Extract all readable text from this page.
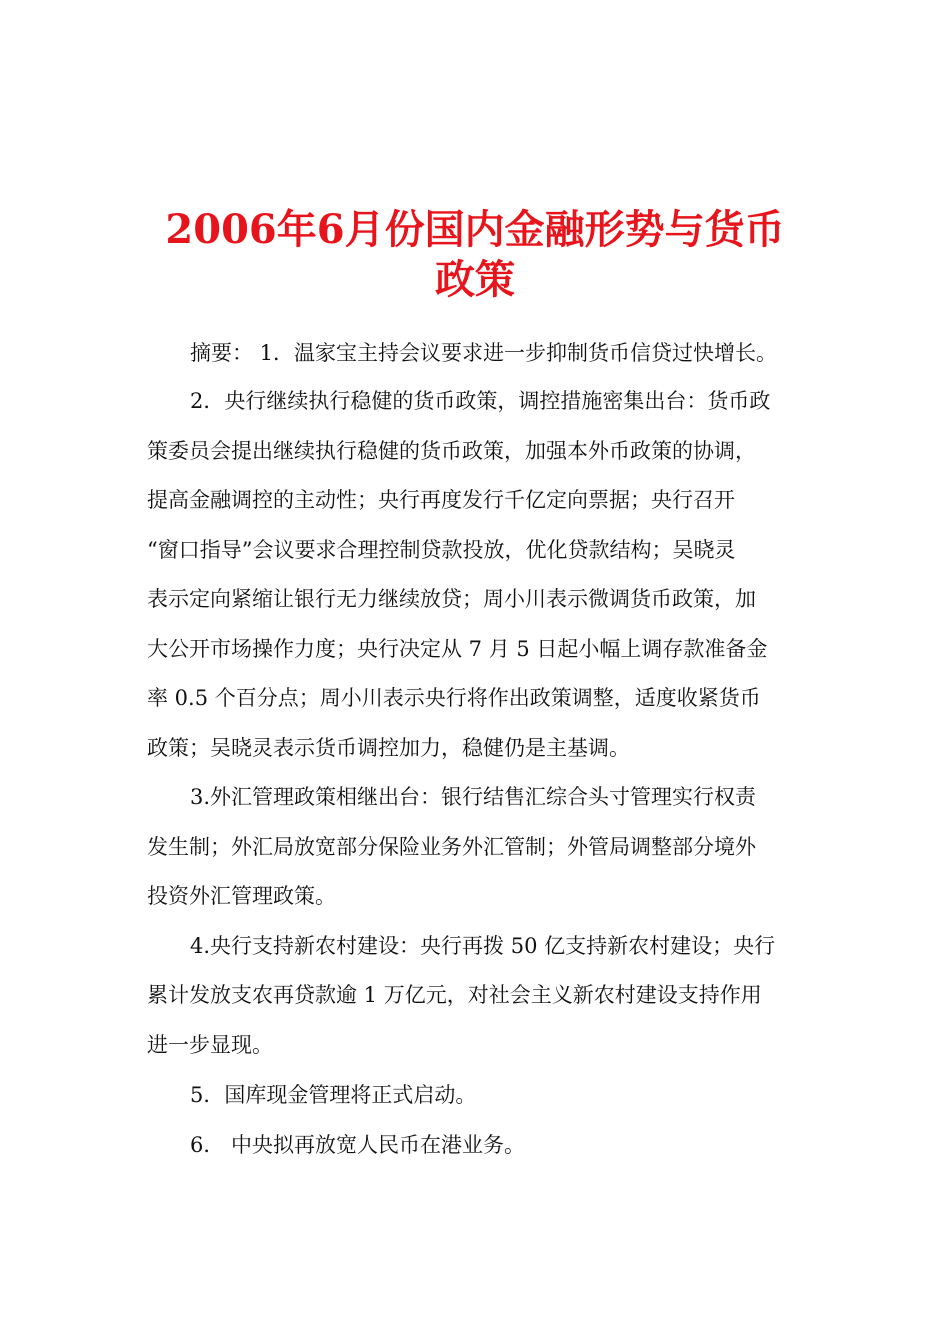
2006年6月份国内金融形势与货币
政策

摘要： 1．温家宝主持会议要求进一步抑制货币信贷过快增长。

2．央行继续执行稳健的货币政策，调控措施密集出台：货币政

策委员会提出继续执行稳健的货币政策，加强本外币政策的协调，

提高金融调控的主动性；央行再度发行千亿定向票据；央行召开

“窗口指导”会议要求合理控制贷款投放，优化贷款结构；吴晓灵

表示定向紧缩让银行无力继续放贷；周小川表示微调货币政策，加

大公开市场操作力度；央行决定从 7 月 5 日起小幅上调存款准备金

率 0.5 个百分点；周小川表示央行将作出政策调整，适度收紧货币

政策；吴晓灵表示货币调控加力，稳健仍是主基调。

3.外汇管理政策相继出台：银行结售汇综合头寸管理实行权责

发生制；外汇局放宽部分保险业务外汇管制；外管局调整部分境外

投资外汇管理政策。

4.央行支持新农村建设：央行再拨 50 亿支持新农村建设；央行

累计发放支农再贷款逾 1 万亿元，对社会主义新农村建设支持作用

进一步显现。

5．国库现金管理将正式启动。

6． 中央拟再放宽人民币在港业务。
